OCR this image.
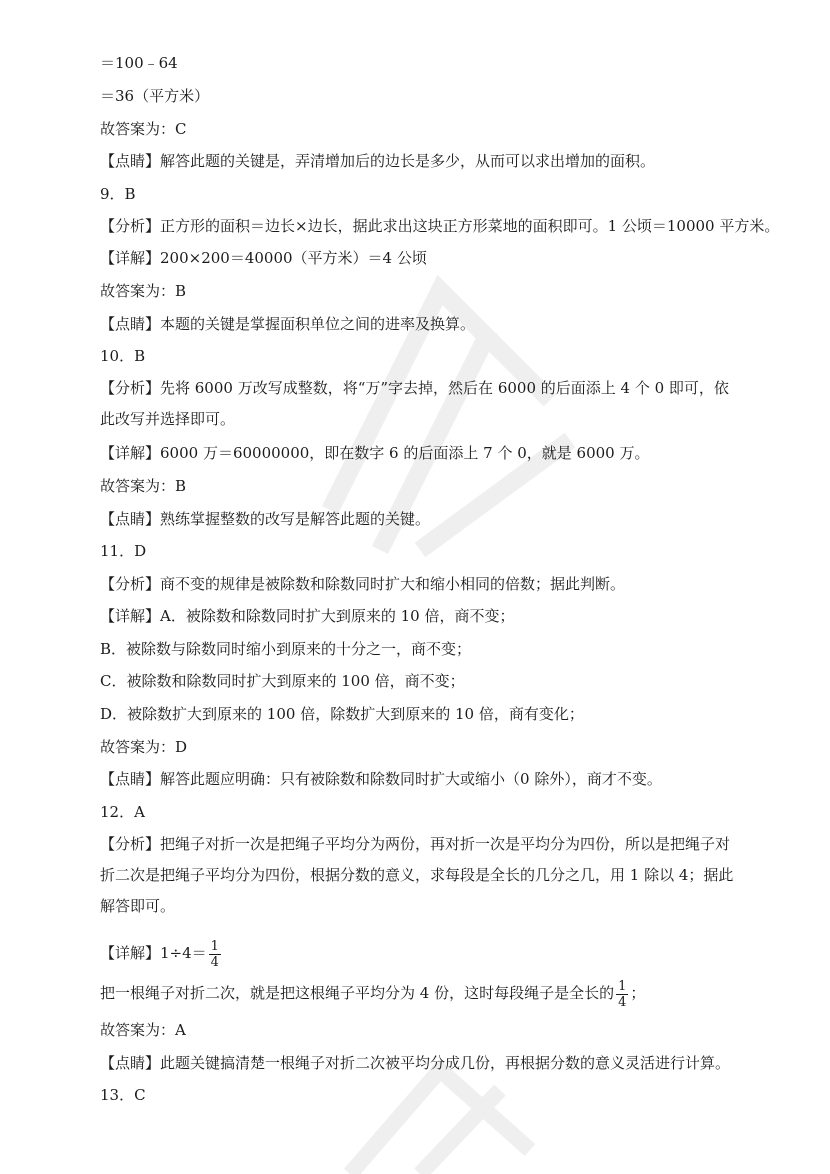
＝100﹣64
＝36（平方米）
故答案为：C
【点睛】解答此题的关键是，弄清增加后的边长是多少，从而可以求出增加的面积。
9．B
【分析】正方形的面积＝边长×边长，据此求出这块正方形菜地的面积即可。1 公顷＝10000 平方米。
【详解】200×200＝40000（平方米）＝4 公顷
故答案为：B
【点睛】本题的关键是掌握面积单位之间的进率及换算。
10．B
【分析】先将 6000 万改写成整数，将“万”字去掉，然后在 6000 的后面添上 4 个 0 即可，依此改写并选择即可。
【详解】6000 万＝60000000，即在数字 6 的后面添上 7 个 0，就是 6000 万。
故答案为：B
【点睛】熟练掌握整数的改写是解答此题的关键。
11．D
【分析】商不变的规律是被除数和除数同时扩大和缩小相同的倍数；据此判断。
【详解】A．被除数和除数同时扩大到原来的 10 倍，商不变；
B．被除数与除数同时缩小到原来的十分之一，商不变；
C．被除数和除数同时扩大到原来的 100 倍，商不变；
D．被除数扩大到原来的 100 倍，除数扩大到原来的 10 倍，商有变化；
故答案为：D
【点睛】解答此题应明确：只有被除数和除数同时扩大或缩小（0 除外），商才不变。
12．A
【分析】把绳子对折一次是把绳子平均分为两份，再对折一次是平均分为四份，所以是把绳子对折二次是把绳子平均分为四份，根据分数的意义，求每段是全长的几分之几，用 1 除以 4；据此解答即可。
【详解】$1\div 4= \frac{1}{4}$
把一根绳子对折二次，就是把这根绳子平均分为 4 份，这时每段绳子是全长的 $\frac{1}{4}$ ；
故答案为：A
【点睛】此题关键搞清楚一根绳子对折二次被平均分成几份，再根据分数的意义灵活进行计算。
13．C
